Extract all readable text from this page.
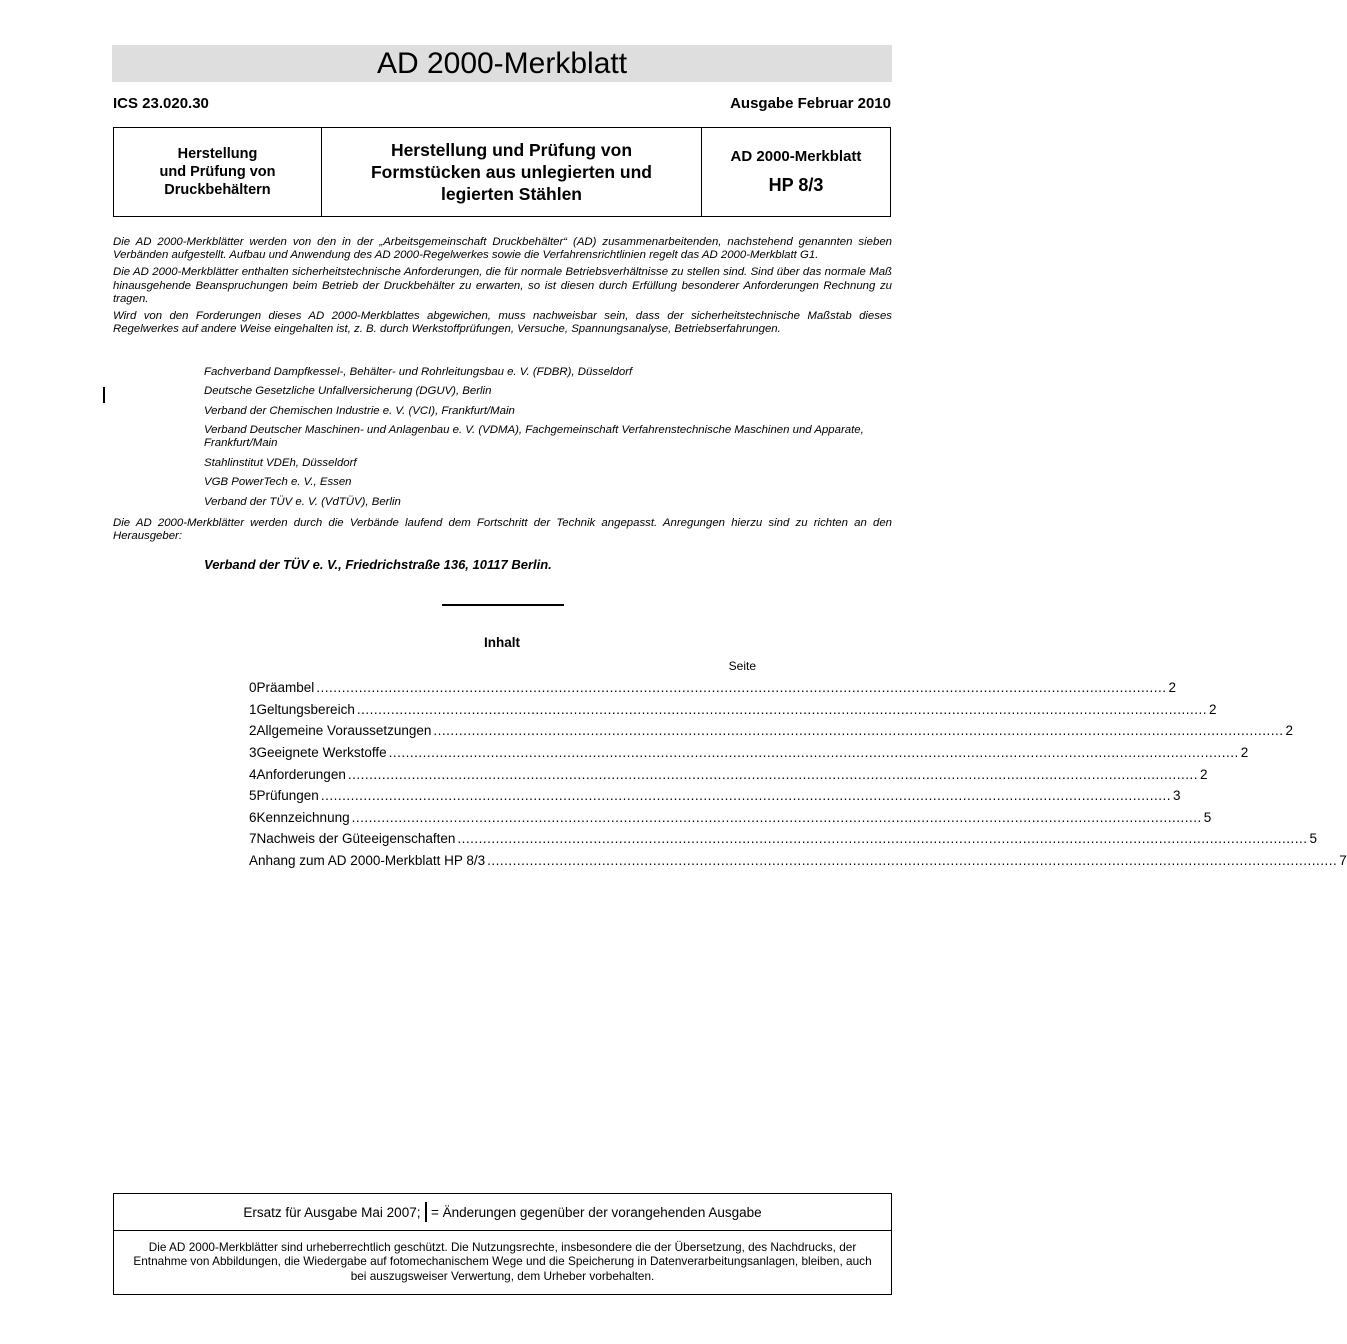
AD 2000-Merkblatt
ICS 23.020.30	Ausgabe Februar 2010
Herstellung
und Prüfung von
Druckbehältern
Herstellung und Prüfung von
Formstücken aus unlegierten und
legierten Stählen
AD 2000-Merkblatt
HP 8/3

Die AD 2000-Merkblätter werden von den in der „Arbeitsgemeinschaft Druckbehälter“ (AD) zusammenarbeitenden, nachstehend genannten sieben Verbänden aufgestellt. Aufbau und Anwendung des AD 2000-Regelwerkes sowie die Verfahrensrichtlinien regelt das AD 2000-Merkblatt G1.

Die AD 2000-Merkblätter enthalten sicherheitstechnische Anforderungen, die für normale Betriebsverhältnisse zu stellen sind. Sind über das normale Maß hinausgehende Beanspruchungen beim Betrieb der Druckbehälter zu erwarten, so ist diesen durch Erfüllung besonderer Anforderungen Rechnung zu tragen.

Wird von den Forderungen dieses AD 2000-Merkblattes abgewichen, muss nachweisbar sein, dass der sicherheitstechnische Maßstab dieses Regelwerkes auf andere Weise eingehalten ist, z. B. durch Werkstoffprüfungen, Versuche, Spannungsanalyse, Betriebserfahrungen.

Fachverband Dampfkessel-, Behälter- und Rohrleitungsbau e. V. (FDBR), Düsseldorf
Deutsche Gesetzliche Unfallversicherung (DGUV), Berlin
Verband der Chemischen Industrie e. V. (VCI), Frankfurt/Main
Verband Deutscher Maschinen- und Anlagenbau e. V. (VDMA), Fachgemeinschaft Verfahrenstechnische Maschinen und Apparate, Frankfurt/Main
Stahlinstitut VDEh, Düsseldorf
VGB PowerTech e. V., Essen
Verband der TÜV e. V. (VdTÜV), Berlin
Die AD 2000-Merkblätter werden durch die Verbände laufend dem Fortschritt der Technik angepasst. Anregungen hierzu sind zu richten an den Herausgeber:
Verband der TÜV e. V., Friedrichstraße 136, 10117 Berlin.
Inhalt
Seite
0 Präambel ........................................................................................................................................................................................................ 2
1 Geltungsbereich ........................................................................................................................................................................................................ 2
2 Allgemeine Voraussetzungen ........................................................................................................................................................................................................ 2
3 Geeignete Werkstoffe ........................................................................................................................................................................................................ 2
4 Anforderungen ........................................................................................................................................................................................................ 2
5 Prüfungen ........................................................................................................................................................................................................ 3
6 Kennzeichnung ........................................................................................................................................................................................................ 5
7 Nachweis der Güteeigenschaften ........................................................................................................................................................................................................ 5
Anhang zum AD 2000-Merkblatt HP 8/3 ........................................................................................................................................................................................................ 7
Ersatz für Ausgabe Mai 2007; = Änderungen gegenüber der vorangehenden Ausgabe
Die AD 2000-Merkblätter sind urheberrechtlich geschützt. Die Nutzungsrechte, insbesondere die der Übersetzung, des Nachdrucks, der Entnahme von Abbildungen, die Wiedergabe auf fotomechanischem Wege und die Speicherung in Datenverarbeitungsanlagen, bleiben, auch bei auszugsweiser Verwertung, dem Urheber vorbehalten.
